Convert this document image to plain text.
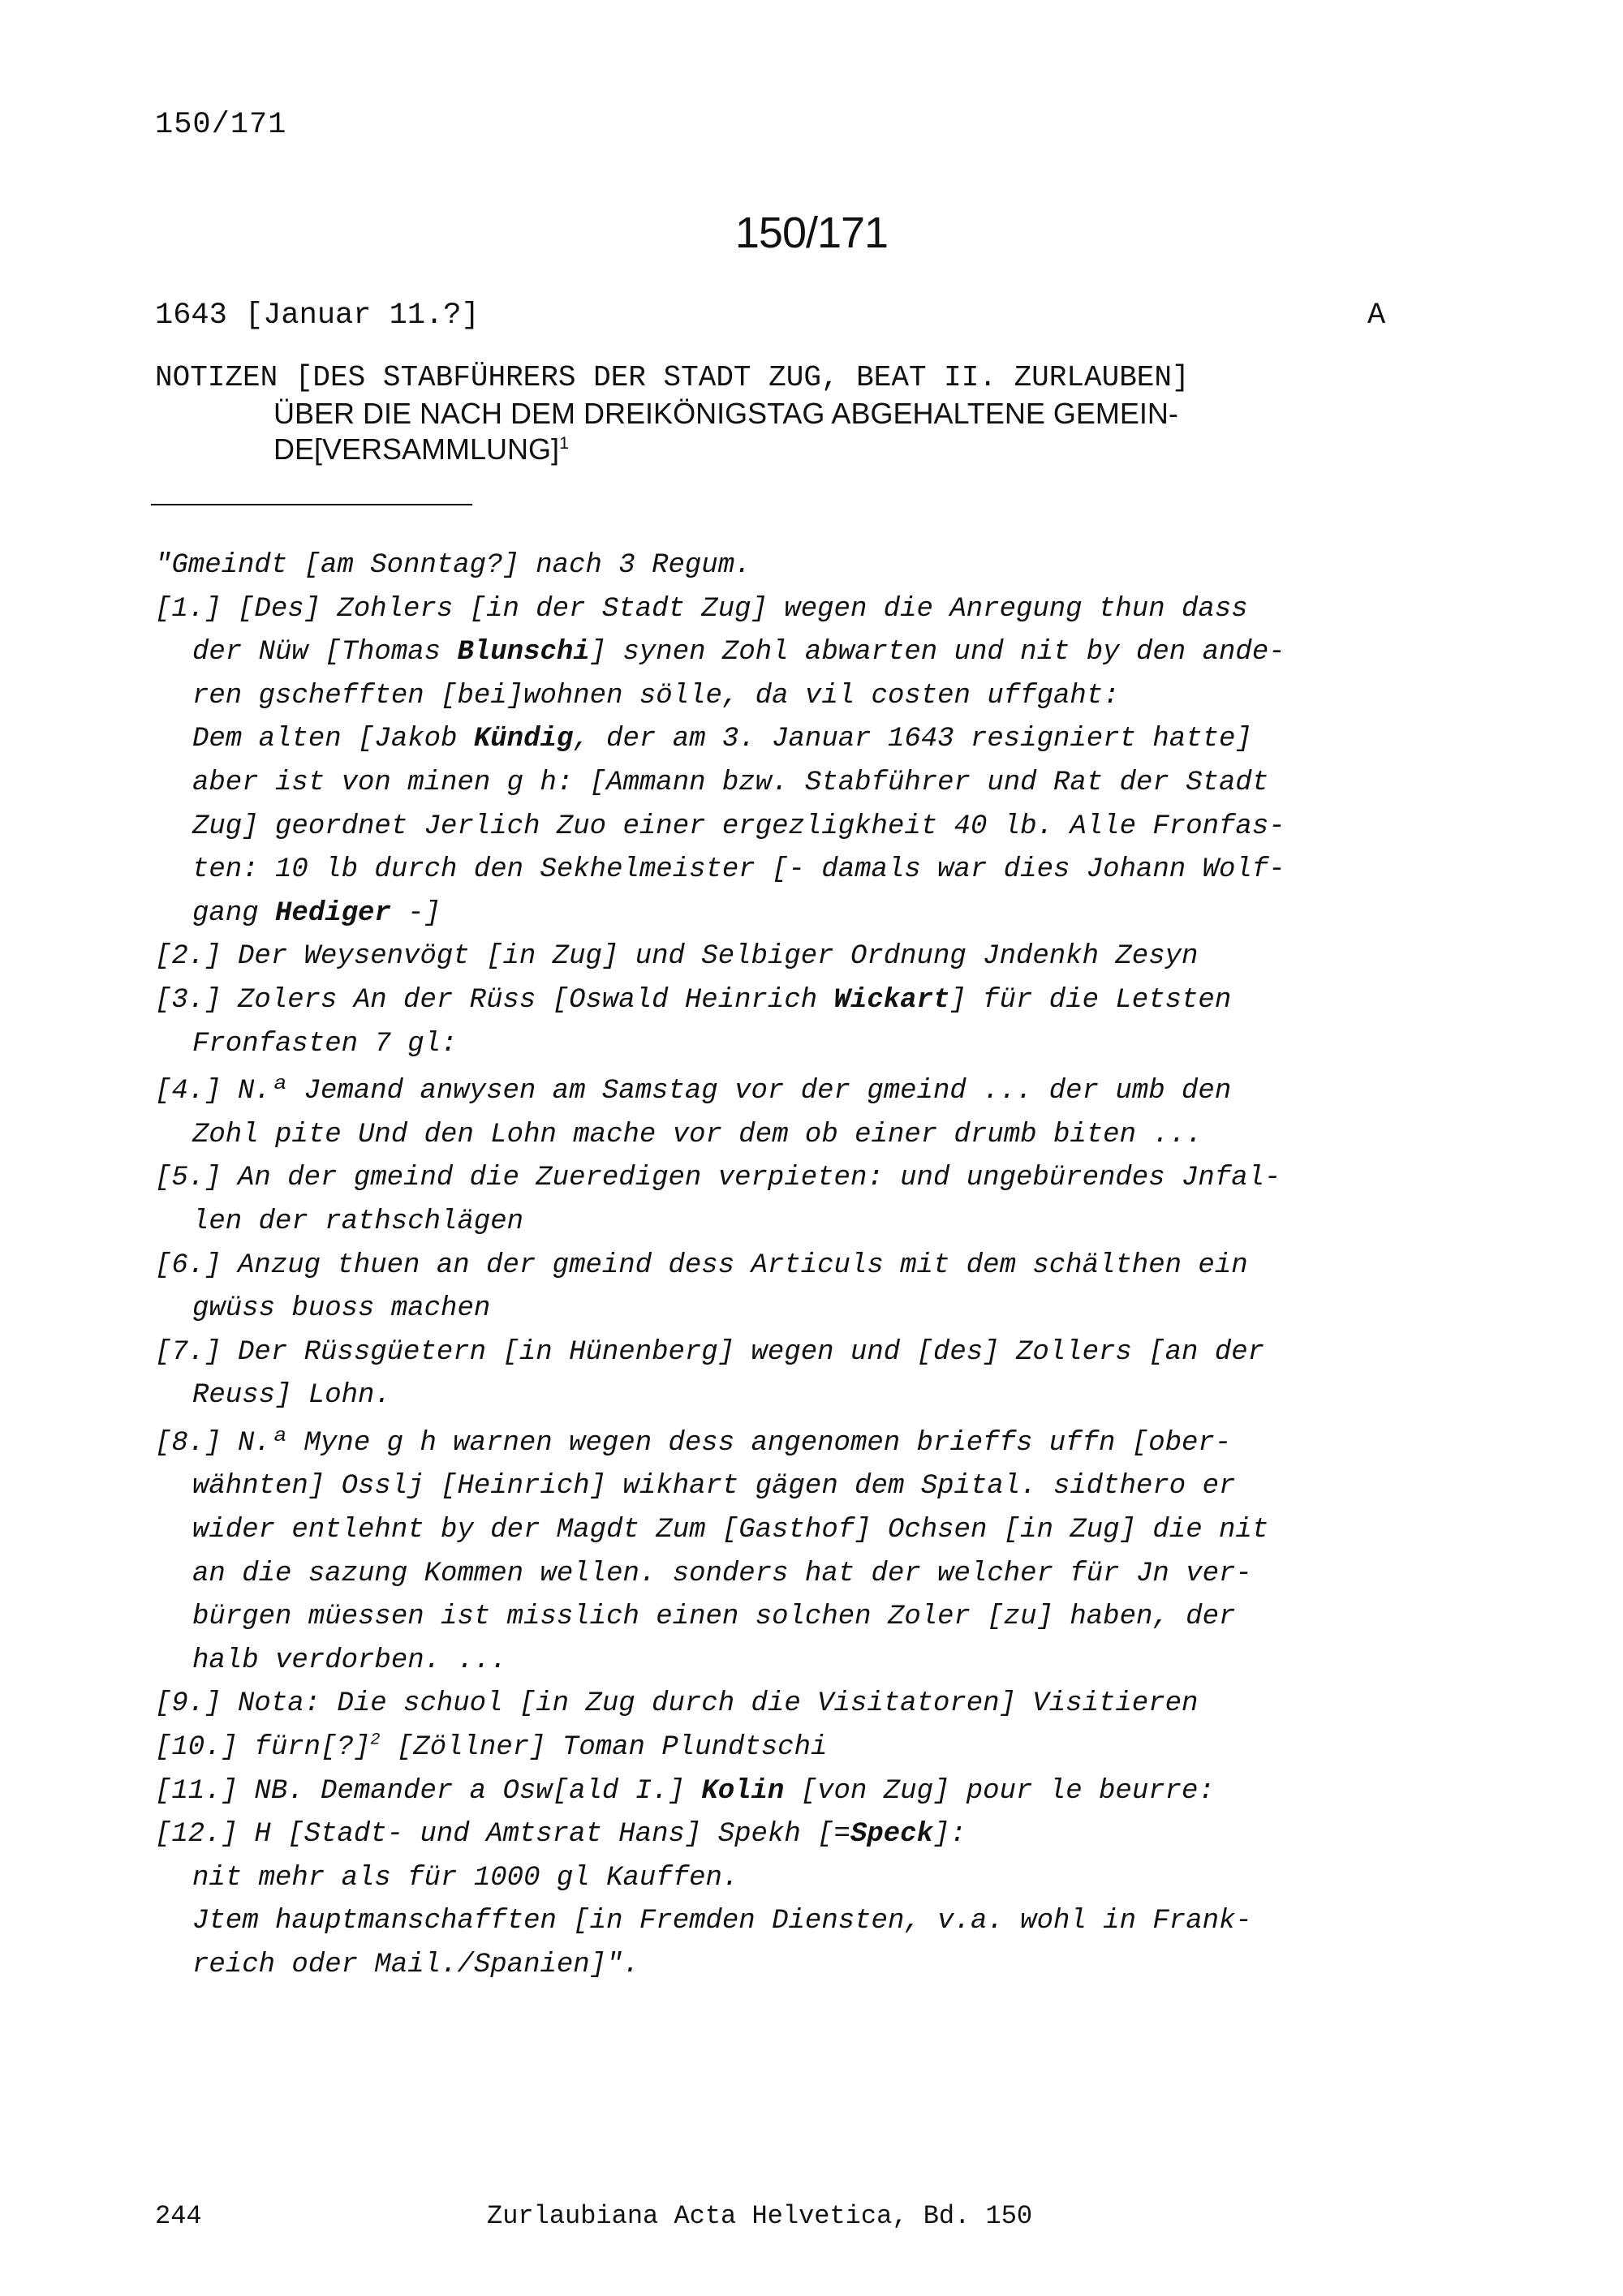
150/171
150/171
1643 [Januar 11.?]	A
NOTIZEN [DES STABFÜHRERS DER STADT ZUG, BEAT II. ZURLAUBEN]
ÜBER DIE NACH DEM DREIKÖNIGSTAG ABGEHALTENE GEMEIN-
DE[VERSAMMLUNG]$^1$
"Gmeindt [am Sonntag?] nach 3 Regum.
[1.] [Des] Zohlers [in der Stadt Zug] wegen die Anregung thun dass
der Nüw [Thomas Blunschi] synen Zohl abwarten und nit by den ande-
ren gschefften [bei]wohnen sölle, da vil costen uffgaht:
Dem alten [Jakob Kündig, der am 3. Januar 1643 resigniert hatte]
aber ist von minen g h: [Ammann bzw. Stabführer und Rat der Stadt
Zug] geordnet Jerlich Zuo einer ergezligkheit 40 lb. Alle Fronfas-
ten: 10 lb durch den Sekhelmeister [- damals war dies Johann Wolf-
gang Hediger -]
[2.] Der Weysenvögt [in Zug] und Selbiger Ordnung Jndenkh Zesyn
[3.] Zolers An der Rüss [Oswald Heinrich Wickart] für die Letsten
Fronfasten 7 gl:
[4.] N.ª Jemand anwysen am Samstag vor der gmeind ... der umb den
Zohl pite Und den Lohn mache vor dem ob einer drumb biten ...
[5.] An der gmeind die Zueredigen verpieten: und ungebürendes Jnfal-
len der rathschlägen
[6.] Anzug thuen an der gmeind dess Articuls mit dem schälthen ein
gwüss buoss machen
[7.] Der Rüssgüetern [in Hünenberg] wegen und [des] Zollers [an der
Reuss] Lohn.
[8.] N.ª Myne g h warnen wegen dess angenomen brieffs uffn [ober-
wähnten] Osslj [Heinrich] wikhart gägen dem Spital. sidthero er
wider entlehnt by der Magdt Zum [Gasthof] Ochsen [in Zug] die nit
an die sazung Kommen wellen. sonders hat der welcher für Jn ver-
bürgen müessen ist misslich einen solchen Zoler [zu] haben, der
halb verdorben. ...
[9.] Nota: Die schuol [in Zug durch die Visitatoren] Visitieren
[10.] fürn[?]$^2$ [Zöllner] Toman Plundtschi
[11.] NB. Demander a Osw[ald I.] Kolin [von Zug] pour le beurre:
[12.] H [Stadt- und Amtsrat Hans] Spekh [=Speck]:
nit mehr als für 1000 gl Kauffen.
Jtem hauptmanschafften [in Fremden Diensten, v.a. wohl in Frank-
reich oder Mail./Spanien]".
244	Zurlaubiana Acta Helvetica, Bd. 150
